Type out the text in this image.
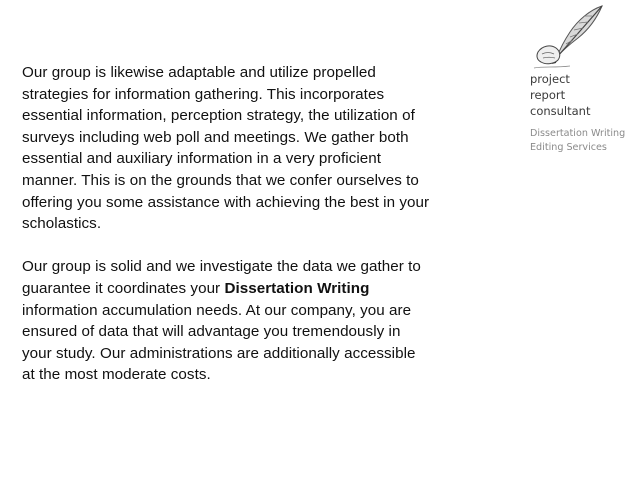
project
report
consultant
Dissertation Writing
Editing Services

Our group is likewise adaptable and utilize propelled strategies for information gathering. This incorporates essential information, perception strategy, the utilization of surveys including web poll and meetings. We gather both essential and auxiliary information in a very proficient manner. This is on the grounds that we confer ourselves to offering you some assistance with achieving the best in your scholastics.

Our group is solid and we investigate the data we gather to guarantee it coordinates your Dissertation Writing information accumulation needs. At our company, you are ensured of data that will advantage you tremendously in your study. Our administrations are additionally accessible at the most moderate costs.
